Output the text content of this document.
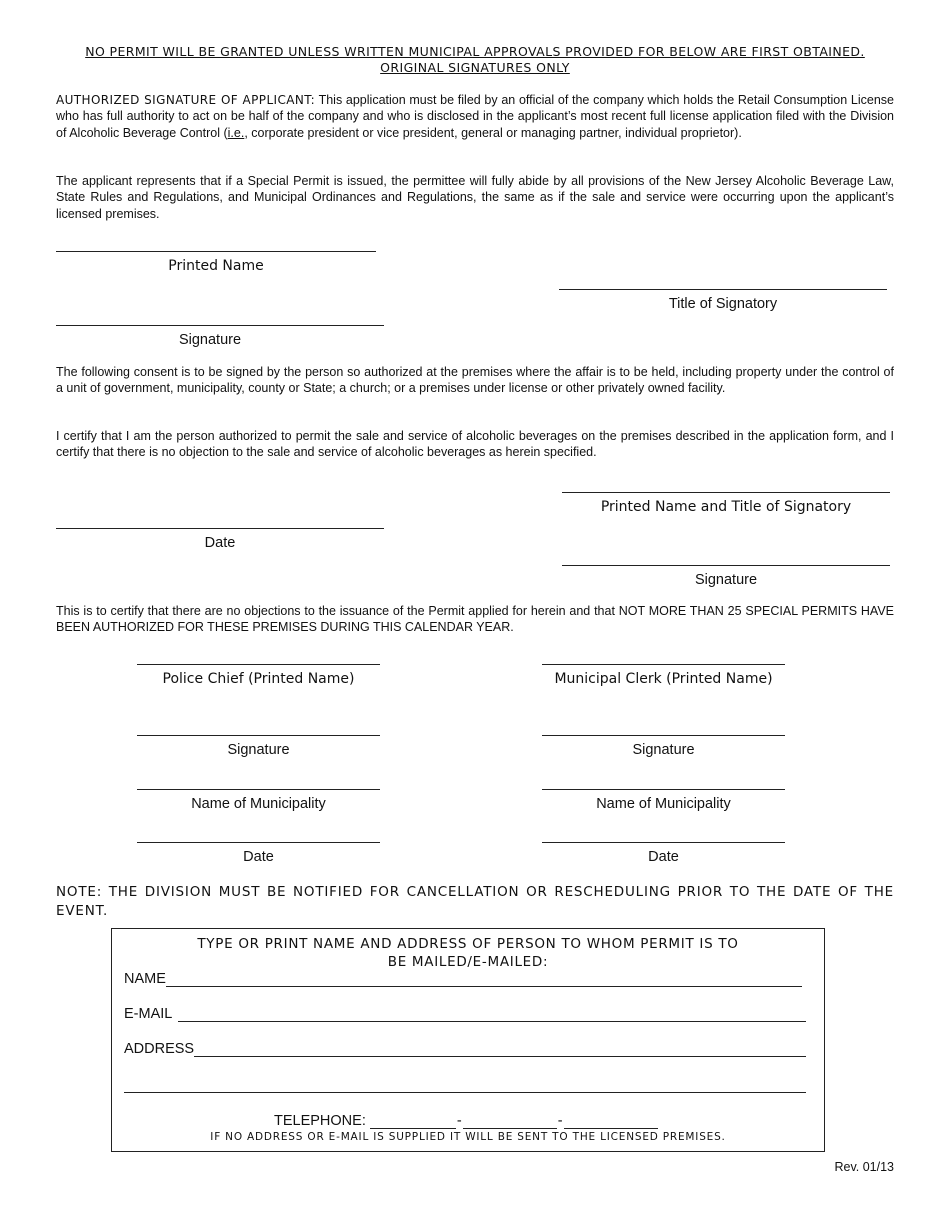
NO PERMIT WILL BE GRANTED UNLESS WRITTEN MUNICIPAL APPROVALS PROVIDED FOR BELOW ARE FIRST OBTAINED.
ORIGINAL SIGNATURES ONLY
AUTHORIZED SIGNATURE OF APPLICANT: This application must be filed by an official of the company which holds the Retail Consumption License who has full authority to act on be half of the company and who is disclosed in the applicant’s most recent full license application filed with the Division of Alcoholic Beverage Control (i.e., corporate president or vice president, general or managing partner, individual proprietor).
The applicant represents that if a Special Permit is issued, the permittee will fully abide by all provisions of the New Jersey Alcoholic Beverage Law, State Rules and Regulations, and Municipal Ordinances and Regulations, the same as if the sale and service were occurring upon the applicant’s licensed premises.
Printed Name
Title of Signatory
Signature
The following consent is to be signed by the person so authorized at the premises where the affair is to be held, including property under the control of a unit of government, municipality, county or State; a church; or a premises under license or other privately owned facility.
I certify that I am the person authorized to permit the sale and service of alcoholic beverages on the premises described in the application form, and I certify that there is no objection to the sale and service of alcoholic beverages as herein specified.
Printed Name and Title of Signatory
Date
Signature
This is to certify that there are no objections to the issuance of the Permit applied for herein and that NOT MORE THAN 25 SPECIAL PERMITS HAVE BEEN AUTHORIZED FOR THESE PREMISES DURING THIS CALENDAR YEAR.
Police Chief (Printed Name)
Signature
Name of Municipality
Date
Municipal Clerk (Printed Name)
Signature
Name of Municipality
Date
NOTE: THE DIVISION MUST BE NOTIFIED FOR CANCELLATION OR RESCHEDULING PRIOR TO THE DATE OF THE EVENT.
TYPE OR PRINT NAME AND ADDRESS OF PERSON TO WHOM PERMIT IS TO
BE MAILED/E-MAILED:
NAME
E-MAIL
ADDRESS
TELEPHONE:	-	-
IF NO ADDRESS OR E-MAIL IS SUPPLIED IT WILL BE SENT TO THE LICENSED PREMISES.
Rev. 01/13
